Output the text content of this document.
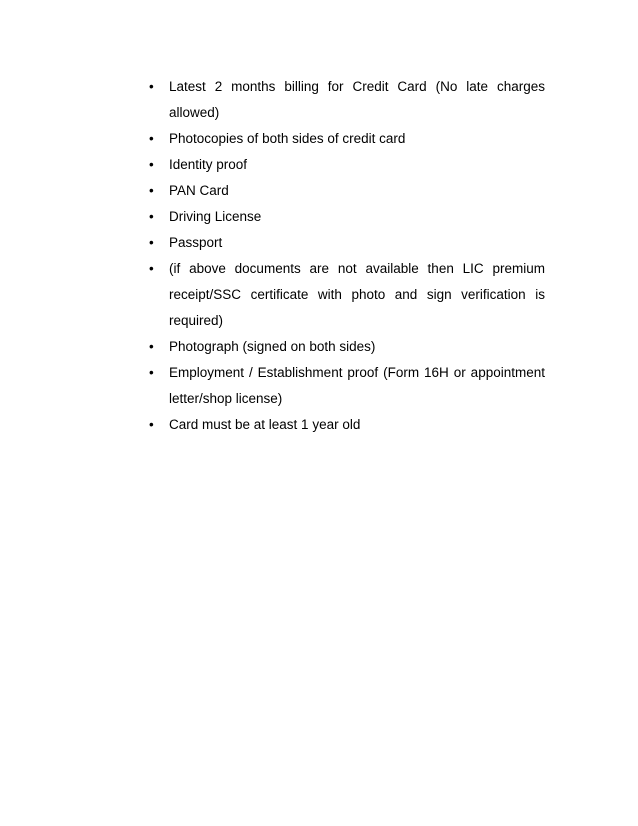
• Latest 2 months billing for Credit Card (No late charges allowed)
• Photocopies of both sides of credit card
• Identity proof
• PAN Card
• Driving License
• Passport
• (if above documents are not available then LIC premium receipt/SSC certificate with photo and sign verification is required)
• Photograph (signed on both sides)
• Employment / Establishment proof (Form 16H or appointment letter/shop license)
• Card must be at least 1 year old
